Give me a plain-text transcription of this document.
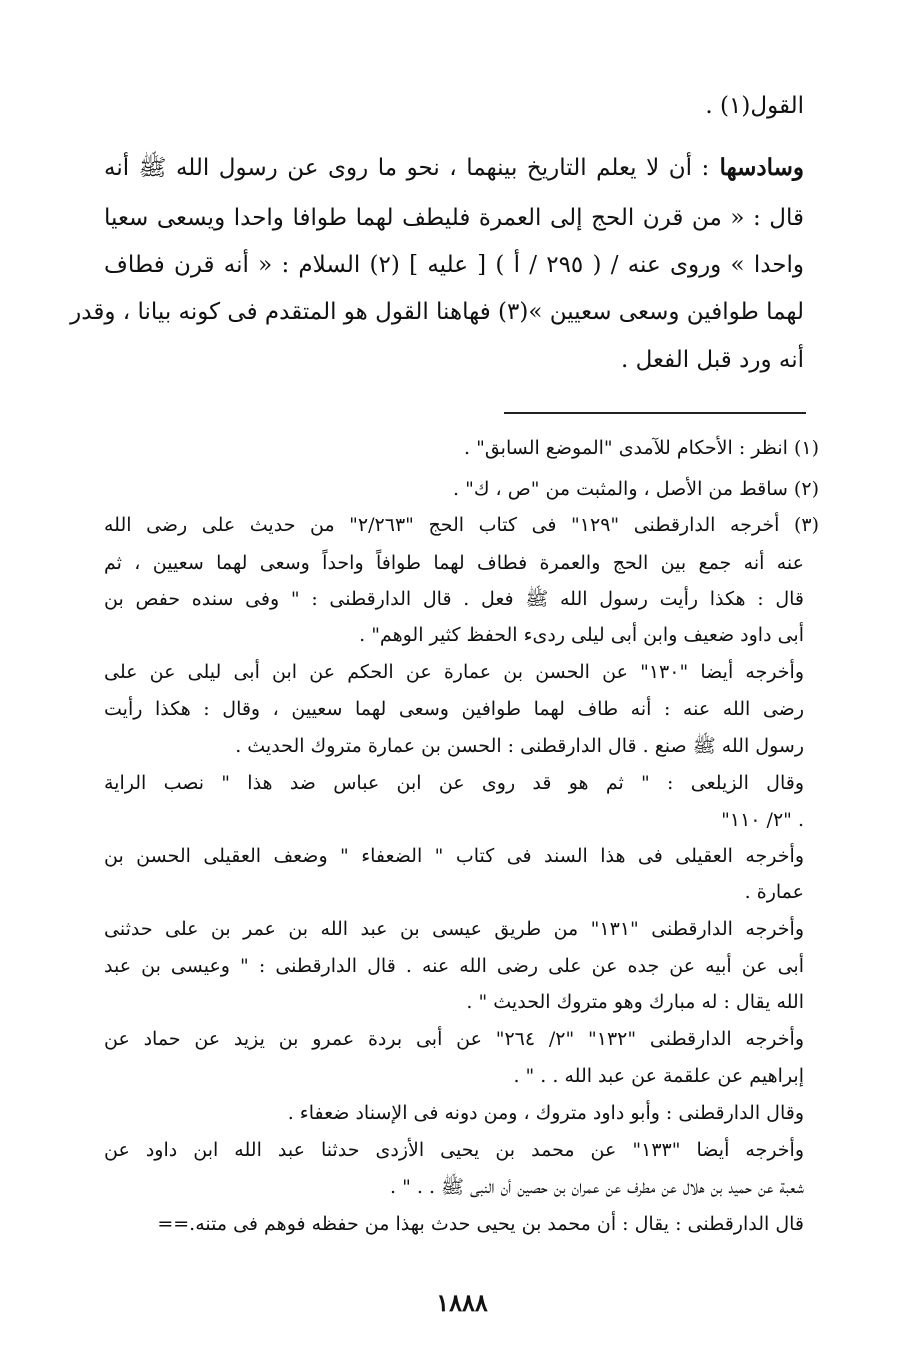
القول(١) .
وسادسها : أن لا يعلم التاريخ بينهما ، نحو ما روى عن رسول الله ﷺ أنه
قال : « من قرن الحج إلى العمرة فليطف لهما طوافا واحدا ويسعى سعيا
واحدا » وروى عنه / ( ٢٩٥ / أ ) [ عليه ] (٢) السلام : « أنه قرن فطاف
لهما طوافين وسعى سعيين »(٣) فهاهنا القول هو المتقدم فى كونه بيانا ، وقدر
أنه ورد قبل الفعل .
(١) انظر : الأحكام للآمدى "الموضع السابق" .
(٢) ساقط من الأصل ، والمثبت من "ص ، ك" .
(٣) أخرجه الدارقطنى "١٢٩" فى كتاب الحج "٢/٢٦٣" من حديث على رضى الله
عنه أنه جمع بين الحج والعمرة فطاف لهما طوافاً واحداً وسعى لهما سعيين ، ثم
قال : هكذا رأيت رسول الله ﷺ فعل . قال الدارقطنى : " وفى سنده حفص بن
أبى داود ضعيف وابن أبى ليلى ردىء الحفظ كثير الوهم" .
وأخرجه أيضا "١٣٠" عن الحسن بن عمارة عن الحكم عن ابن أبى ليلى عن على
رضى الله عنه : أنه طاف لهما طوافين وسعى لهما سعيين ، وقال : هكذا رأيت
رسول الله ﷺ صنع . قال الدارقطنى : الحسن بن عمارة متروك الحديث .
وقال الزيلعى : " ثم هو قد روى عن ابن عباس ضد هذا " نصب الراية
"٢/ ١١٠" .
وأخرجه العقيلى فى هذا السند فى كتاب " الضعفاء " وضعف العقيلى الحسن بن
عمارة .
وأخرجه الدارقطنى "١٣١" من طريق عيسى بن عبد الله بن عمر بن على حدثنى
أبى عن أبيه عن جده عن على رضى الله عنه . قال الدارقطنى : " وعيسى بن عبد
الله يقال : له مبارك وهو متروك الحديث " .
وأخرجه الدارقطنى "١٣٢" "٢/ ٢٦٤" عن أبى بردة عمرو بن يزيد عن حماد عن
إبراهيم عن علقمة عن عبد الله . . " .
وقال الدارقطنى : وأبو داود متروك ، ومن دونه فى الإسناد ضعفاء .
وأخرجه أيضا "١٣٣" عن محمد بن يحيى الأزدى حدثنا عبد الله ابن داود عن
شعبة عن حميد بن هلال عن مطرف عن عمران بن حصين أن النبى ﷺ . . " .
قال الدارقطنى : يقال : أن محمد بن يحيى حدث بهذا من حفظه فوهم فى متنه.==
١٨٨٨
